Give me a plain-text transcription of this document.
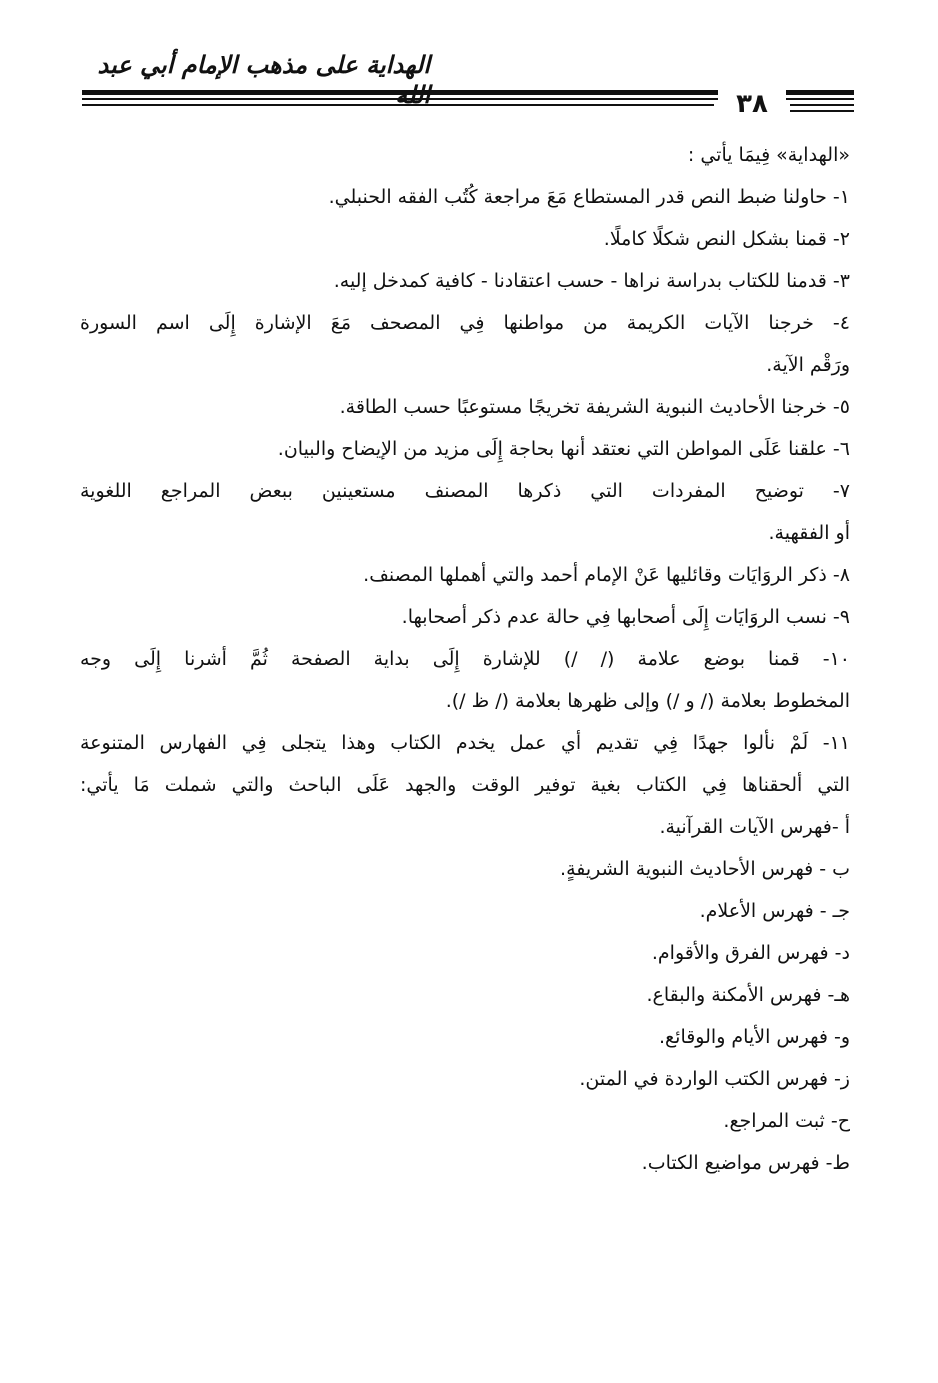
الهداية على مذهب الإمام أبي عبد
٣٨
«الهداية» فِيمَا يأتي :
١- حاولنا ضبط النص قدر المستطاع مَعَ مراجعة كُتُب الفقه الحنبلي.
٢- قمنا بشكل النص شكلًا كاملًا.
٣- قدمنا للكتاب بدراسة نراها - حسب اعتقادنا - كافية كمدخل إليه.
٤- خرجنا الآيات الكريمة من مواطنها فِي المصحف مَعَ الإشارة إِلَى اسم السورة
ورَقْم الآية.
٥- خرجنا الأحاديث النبوية الشريفة تخريجًا مستوعبًا حسب الطاقة.
٦- علقنا عَلَى المواطن التي نعتقد أنها بحاجة إِلَى مزيد من الإيضاح والبيان.
٧- توضيح المفردات التي ذكرها المصنف مستعينين ببعض المراجع اللغوية
أو الفقهية.
٨- ذكر الروَايَات وقائليها عَنْ الإمام أحمد والتي أهملها المصنف.
٩- نسب الروَايَات إِلَى أصحابها فِي حالة عدم ذكر أصحابها.
١٠- قمنا بوضع علامة (/ /) للإشارة إِلَى بداية الصفحة ثُمَّ أشرنا إِلَى وجه
المخطوط بعلامة (/ و /) وإلى ظهرها بعلامة (/ ظ /).
١١- لَمْ نألوا جهدًا فِي تقديم أي عمل يخدم الكتاب وهذا يتجلى فِي الفهارس المتنوعة
التي ألحقناها فِي الكتاب بغية توفير الوقت والجهد عَلَى الباحث والتي شملت مَا يأتي:
أ -فهرس الآيات القرآنية.
ب - فهرس الأحاديث النبوية الشريفةٍ.
جـ - فهرس الأعلام.
د- فهرس الفرق والأقوام.
هـ- فهرس الأمكنة والبقاع.
و- فهرس الأيام والوقائع.
ز- فهرس الكتب الواردة في المتن.
ح- ثبت المراجع.
ط- فهرس مواضيع الكتاب.
